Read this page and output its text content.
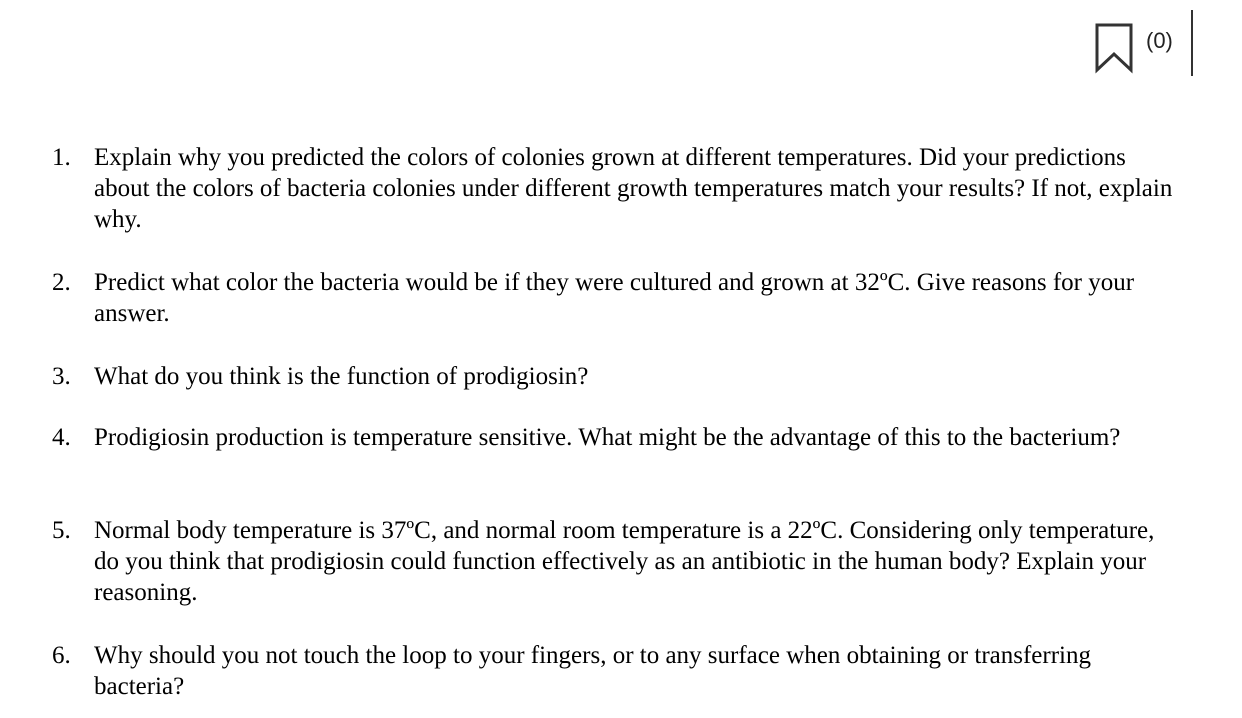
(0)
1. Explain why you predicted the colors of colonies grown at different temperatures. Did your predictions about the colors of bacteria colonies under different growth temperatures match your results? If not, explain why.
2. Predict what color the bacteria would be if they were cultured and grown at 32ºC. Give reasons for your answer.
3. What do you think is the function of prodigiosin?
4. Prodigiosin production is temperature sensitive. What might be the advantage of this to the bacterium?
5. Normal body temperature is 37ºC, and normal room temperature is a 22ºC. Considering only temperature, do you think that prodigiosin could function effectively as an antibiotic in the human body? Explain your reasoning.
6. Why should you not touch the loop to your fingers, or to any surface when obtaining or transferring bacteria?
